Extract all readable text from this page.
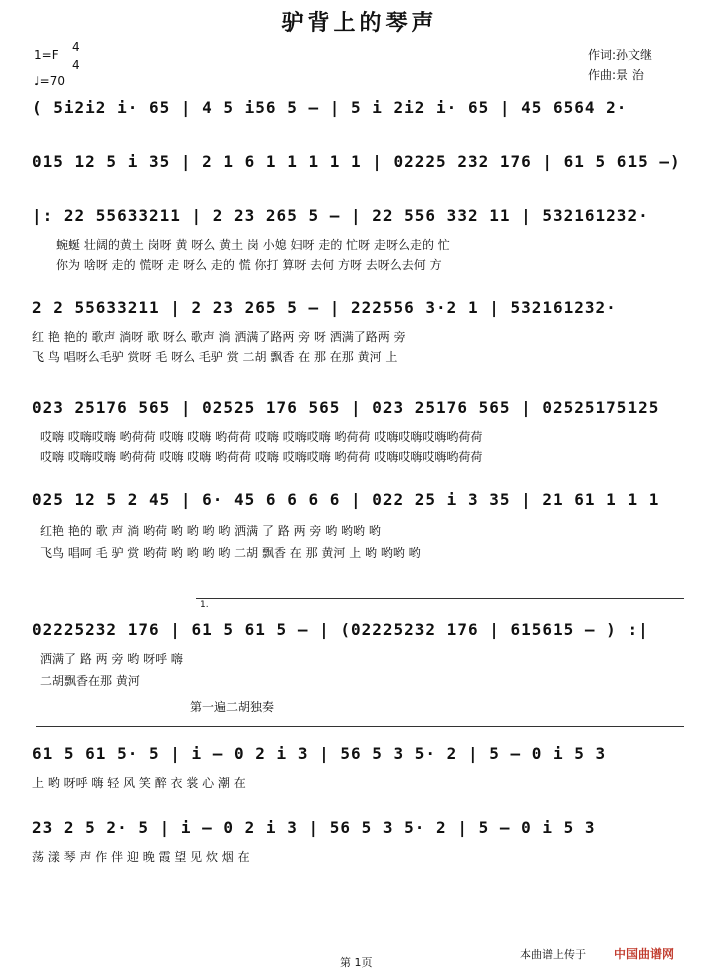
驴背上的琴声
1=F
4
4
♩=70
作词:孙文继
作曲:景 治
( 5i2i2 i· 65 | 4 5 i56 5 – | 5 i 2i2 i· 65 | 45 6564 2·
015 12 5 i 35 | 2 1 6 1 1 1 1 1 | 02225 232 176 | 61 5 615 –)
|: 22 55633211 | 2 23 265 5 – | 22 556 332 11 | 532161232·
蜿蜒 壮阔的黄土 岗呀 黄 呀么 黄土 岗 小媳 妇呀 走的 忙呀 走呀么走的 忙
你为 啥呀 走的 慌呀 走 呀么 走的 慌 你打 算呀 去何 方呀 去呀么去何 方
2 2 55633211 | 2 23 265 5 – | 222556 3·2 1 | 532161232·
红 艳 艳的 歌声 淌呀 歌 呀么 歌声 淌 洒满了路两 旁 呀 洒满了路两 旁
飞 鸟 唱呀么毛驴 赏呀 毛 呀么 毛驴 赏 二胡 飘香 在 那 在那 黄河 上
023 25176 565 | 02525 176 565 | 023 25176 565 | 02525175125
哎嗨 哎嗨哎嗨 哟荷荷 哎嗨 哎嗨 哟荷荷 哎嗨 哎嗨哎嗨 哟荷荷 哎嗨哎嗨哎嗨哟荷荷
哎嗨 哎嗨哎嗨 哟荷荷 哎嗨 哎嗨 哟荷荷 哎嗨 哎嗨哎嗨 哟荷荷 哎嗨哎嗨哎嗨哟荷荷
025 12 5 2 45 | 6· 45 6 6 6 6 | 022 25 i 3 35 | 21 61 1 1 1
红艳 艳的 歌 声 淌 哟荷 哟 哟 哟 哟 洒满 了 路 两 旁 哟 哟哟 哟
飞鸟 唱呵 毛 驴 赏 哟荷 哟 哟 哟 哟 二胡 飘香 在 那 黄河 上 哟 哟哟 哟
1.
02225232 176 | 61 5 61 5 – | (02225232 176 | 615615 – ) :|
洒满了 路 两 旁 哟 呀呼 嗨
二胡飘香在那 黄河
第一遍二胡独奏
61 5 61 5· 5 | i – 0 2 i 3 | 56 5 3 5· 2 | 5 – 0 i 5 3
上 哟 呀呼 嗨 轻 风 笑 醉 衣 裳 心 潮 在
23 2 5 2· 5 | i – 0 2 i 3 | 56 5 3 5· 2 | 5 – 0 i 5 3
荡 漾 琴 声 作 伴 迎 晚 霞 望 见 炊 烟 在
本曲谱上传于 中国曲谱网
第 1页
